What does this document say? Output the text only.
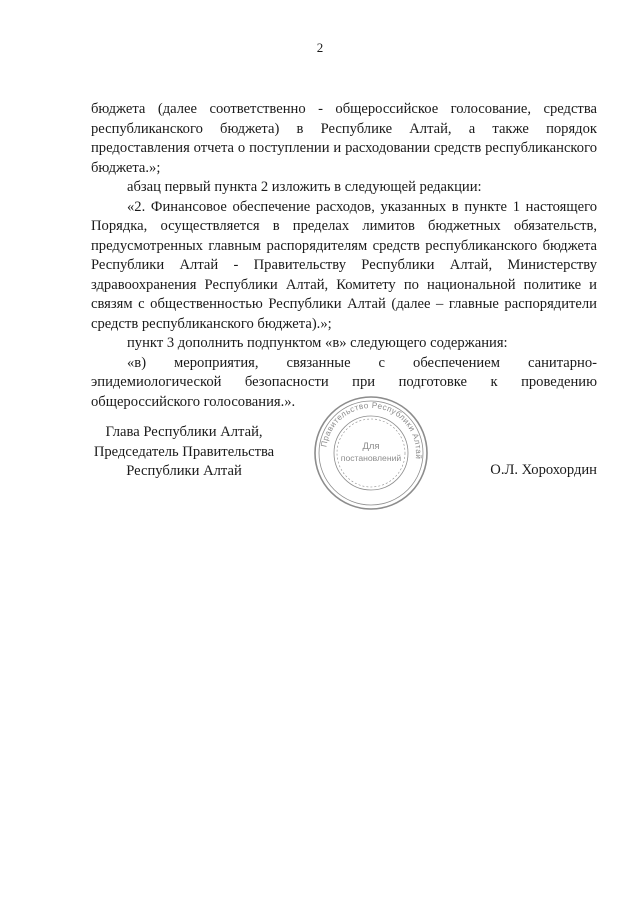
2

бюджета (далее соответственно - общероссийское голосование, средства республиканского бюджета) в Республике Алтай, а также порядок предоставления отчета о поступлении и расходовании средств республиканского бюджета.»;

абзац первый пункта 2 изложить в следующей редакции:

«2. Финансовое обеспечение расходов, указанных в пункте 1 настоящего Порядка, осуществляется в пределах лимитов бюджетных обязательств, предусмотренных главным распорядителям средств республиканского бюджета Республики Алтай - Правительству Республики Алтай, Министерству здравоохранения Республики Алтай, Комитету по национальной политике и связям с общественностью Республики Алтай (далее – главные распорядители средств республиканского бюджета).»;

пункт 3 дополнить подпунктом «в» следующего содержания:

«в) мероприятия, связанные с обеспечением санитарно-эпидемиологической безопасности при подготовке к проведению общероссийского голосования.».

Глава Республики Алтай,
Председатель Правительства
Республики Алтай	О.Л. Хорохордин
Правительство Республики Алтай
Для
постановлений
